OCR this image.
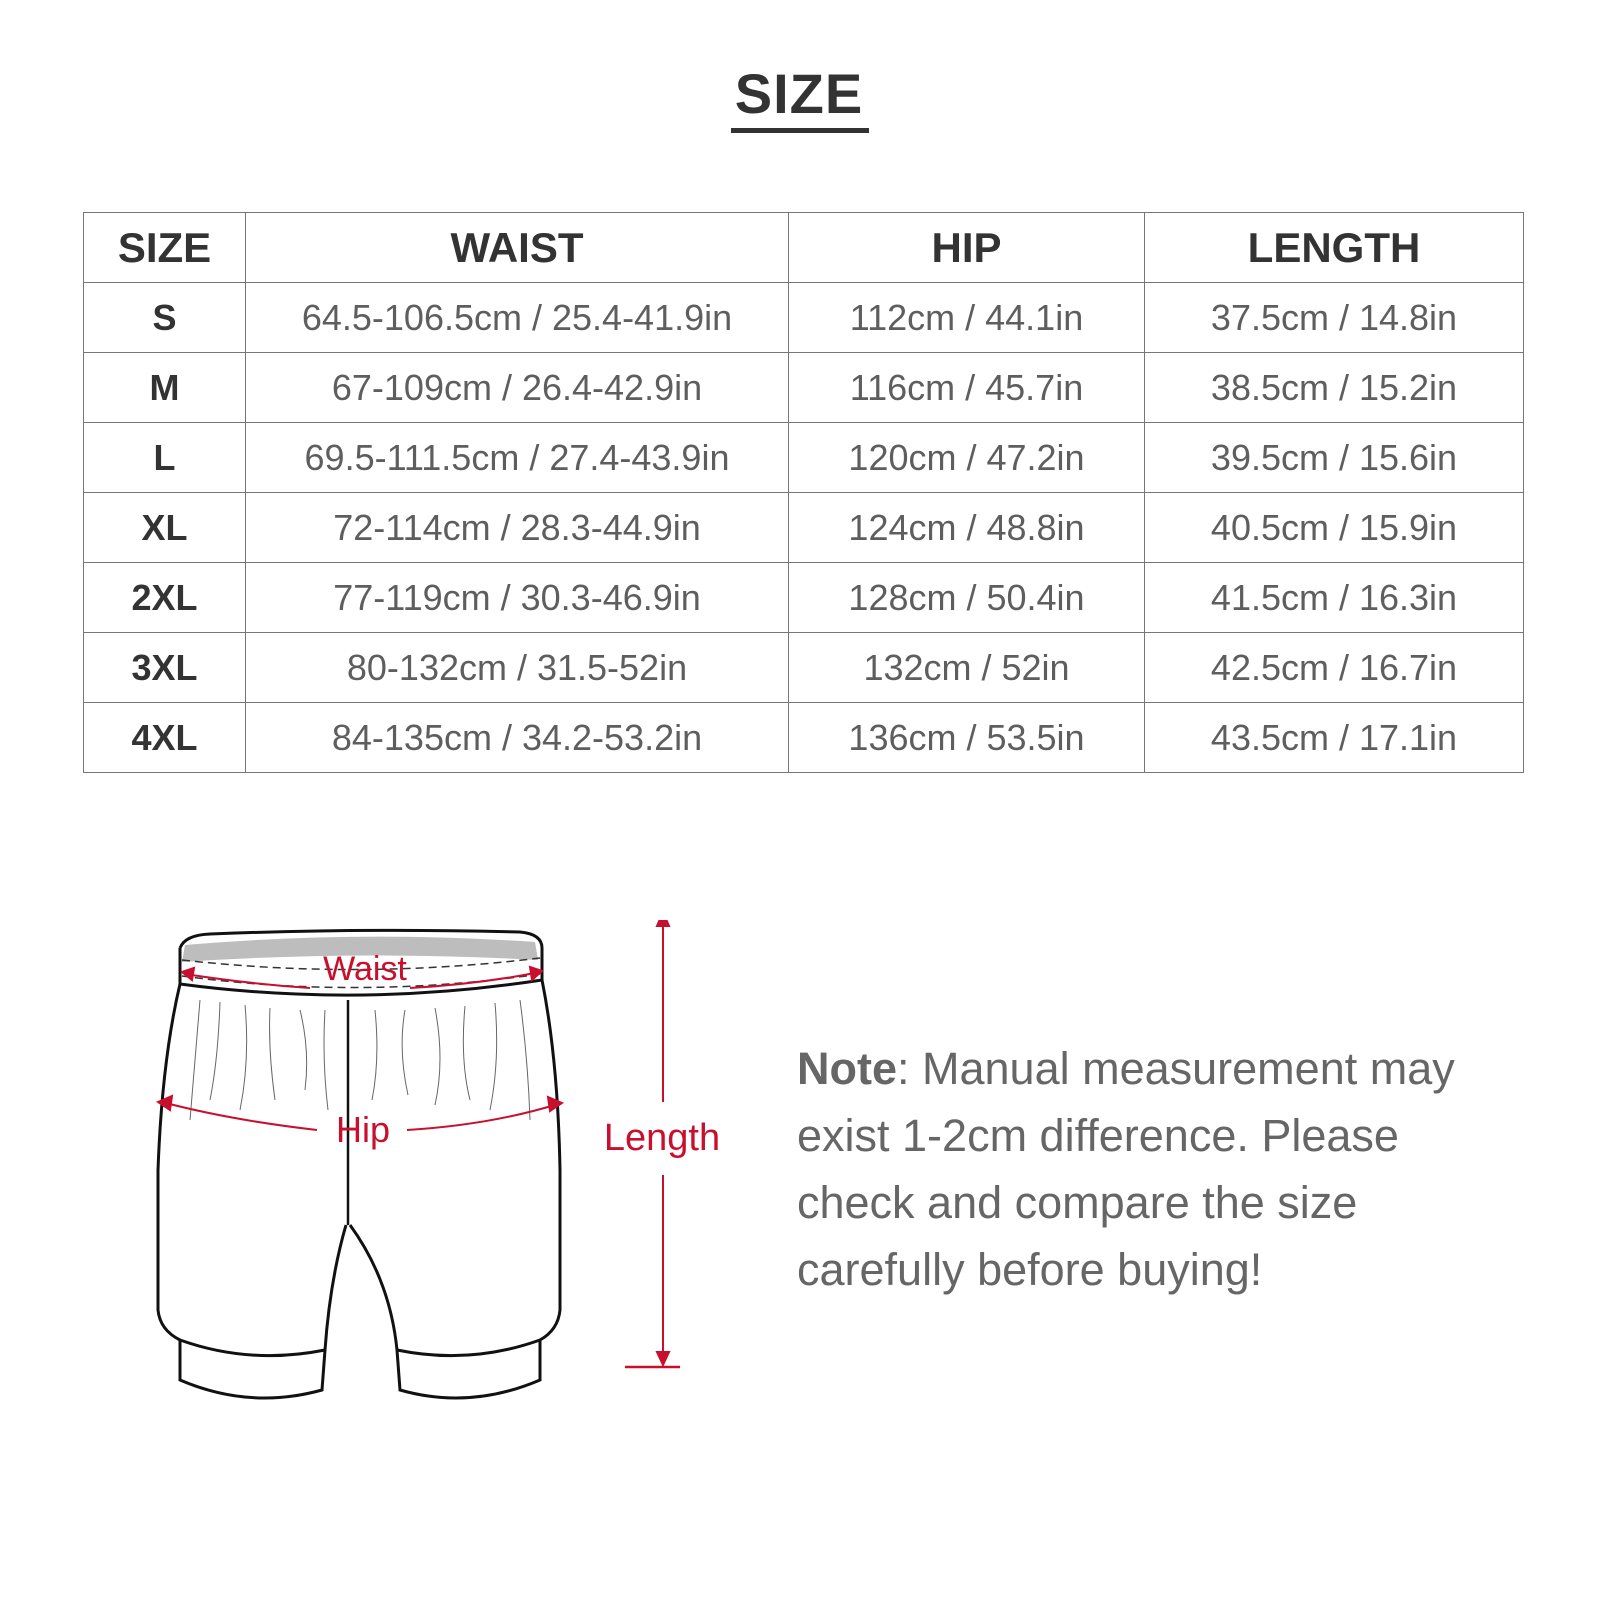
SIZE
SIZE	WAIST	HIP	LENGTH
S	64.5-106.5cm / 25.4-41.9in	112cm / 44.1in	37.5cm / 14.8in
M	67-109cm / 26.4-42.9in	116cm / 45.7in	38.5cm / 15.2in
L	69.5-111.5cm / 27.4-43.9in	120cm / 47.2in	39.5cm / 15.6in
XL	72-114cm / 28.3-44.9in	124cm / 48.8in	40.5cm / 15.9in
2XL	77-119cm / 30.3-46.9in	128cm / 50.4in	41.5cm / 16.3in
3XL	80-132cm / 31.5-52in	132cm / 52in	42.5cm / 16.7in
4XL	84-135cm / 34.2-53.2in	136cm / 53.5in	43.5cm / 17.1in
Waist
Hip	Length
Note: Manual measurement may exist 1-2cm difference. Please check and compare the size carefully before buying!
